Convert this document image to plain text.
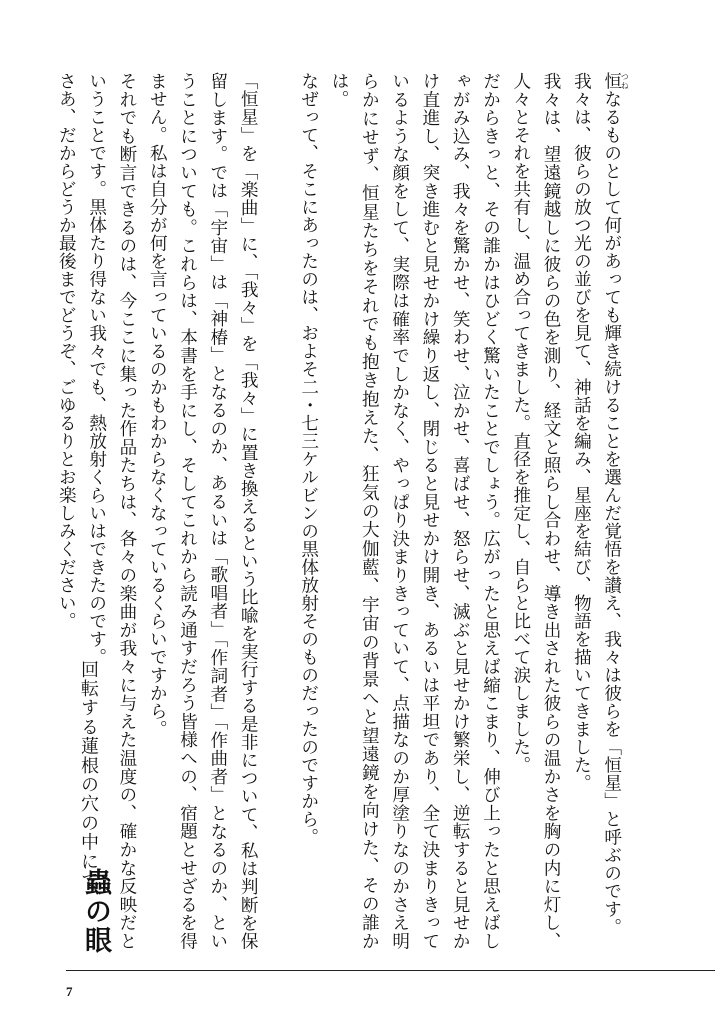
恒つねなるものとして何があっても輝き続けることを選んだ覚悟を讃え、我々は彼らを「恒星」と呼ぶのです。
我々は、彼らの放つ光の並びを見て、神話を編み、星座を結び、物語を描いてきました。
我々は、望遠鏡越しに彼らの色を測り、経文と照らし合わせ、導き出された彼らの温かさを胸の内に灯し、人々とそれを共有し、温め合ってきました。直径を推定し、自らと比べて涙しました。
だからきっと、その誰かはひどく驚いたことでしょう。広がったと思えば縮こまり、伸び上ったと思えばしゃがみ込み、我々を驚かせ、笑わせ、泣かせ、喜ばせ、怒らせ、滅ぶと見せかけ繁栄し、逆転すると見せかけ直進し、突き進むと見せかけ繰り返し、閉じると見せかけ開き、あるいは平坦であり、全て決まりきっているような顔をして、実際は確率でしかなく、やっぱり決まりきっていて、点描なのか厚塗りなのかさえ明らかにせず、恒星たちをそれでも抱き抱えた、狂気の大伽藍、宇宙の背景へと望遠鏡を向けた、その誰かは。
なぜって、そこにあったのは、およそ二・七三ケルビンの黒体放射そのものだったのですから。

「恒星」を「楽曲」に、「我々」を「我々」に置き換えるという比喩を実行する是非について、私は判断を保留します。では「宇宙」は「神椿」となるのか、あるいは「歌唱者」「作詞者」「作曲者」となるのか、ということについても。これらは、本書を手にし、そしてこれから読み通すだろう皆様への、宿題とせざるを得ません。私は自分が何を言っているのかもわからなくなっているくらいですから。
それでも断言できるのは、今ここに集った作品たちは、各々の楽曲が我々に与えた温度の、確かな反映だということです。黒体たり得ない我々でも、熱放射くらいはできたのです。
さあ、だからどうか最後までどうぞ、ごゆるりとお楽しみください。

回転する蓮根の穴の中にて
蟲の眼
7
